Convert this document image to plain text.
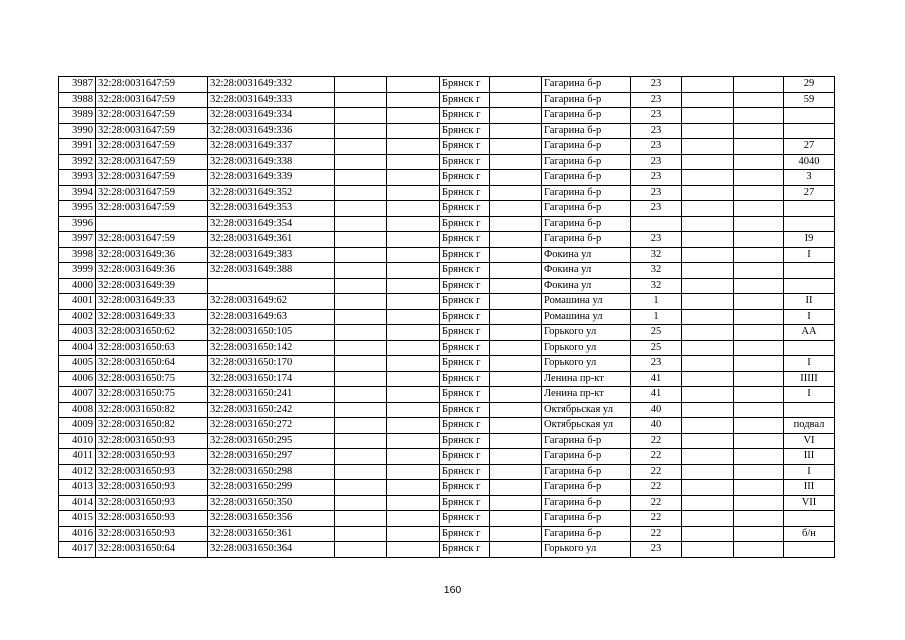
3987	32:28:0031647:59	32:28:0031649:332			Брянск г		Гагарина б-р	23			29
3988	32:28:0031647:59	32:28:0031649:333			Брянск г		Гагарина б-р	23			59
3989	32:28:0031647:59	32:28:0031649:334			Брянск г		Гагарина б-р	23			
3990	32:28:0031647:59	32:28:0031649:336			Брянск г		Гагарина б-р	23			
3991	32:28:0031647:59	32:28:0031649:337			Брянск г		Гагарина б-р	23			27
3992	32:28:0031647:59	32:28:0031649:338			Брянск г		Гагарина б-р	23			4040
3993	32:28:0031647:59	32:28:0031649:339			Брянск г		Гагарина б-р	23			3
3994	32:28:0031647:59	32:28:0031649:352			Брянск г		Гагарина б-р	23			27
3995	32:28:0031647:59	32:28:0031649:353			Брянск г		Гагарина б-р	23			
3996		32:28:0031649:354			Брянск г		Гагарина б-р				
3997	32:28:0031647:59	32:28:0031649:361			Брянск г		Гагарина б-р	23			I9
3998	32:28:0031649:36	32:28:0031649:383			Брянск г		Фокина ул	32			I
3999	32:28:0031649:36	32:28:0031649:388			Брянск г		Фокина ул	32			
4000	32:28:0031649:39				Брянск г		Фокина ул	32			
4001	32:28:0031649:33	32:28:0031649:62			Брянск г		Ромашина ул	1			II
4002	32:28:0031649:33	32:28:0031649:63			Брянск г		Ромашина ул	1			I
4003	32:28:0031650:62	32:28:0031650:105			Брянск г		Горького ул	25			АА
4004	32:28:0031650:63	32:28:0031650:142			Брянск г		Горького ул	25			
4005	32:28:0031650:64	32:28:0031650:170			Брянск г		Горького ул	23			I
4006	32:28:0031650:75	32:28:0031650:174			Брянск г		Ленина пр-кт	41			IIIII
4007	32:28:0031650:75	32:28:0031650:241			Брянск г		Ленина пр-кт	41			I
4008	32:28:0031650:82	32:28:0031650:242			Брянск г		Октябрьская ул	40			
4009	32:28:0031650:82	32:28:0031650:272			Брянск г		Октябрьская ул	40			подвал
4010	32:28:0031650:93	32:28:0031650:295			Брянск г		Гагарина б-р	22			VI
4011	32:28:0031650:93	32:28:0031650:297			Брянск г		Гагарина б-р	22			III
4012	32:28:0031650:93	32:28:0031650:298			Брянск г		Гагарина б-р	22			I
4013	32:28:0031650:93	32:28:0031650:299			Брянск г		Гагарина б-р	22			III
4014	32:28:0031650:93	32:28:0031650:350			Брянск г		Гагарина б-р	22			VII
4015	32:28:0031650:93	32:28:0031650:356			Брянск г		Гагарина б-р	22			
4016	32:28:0031650:93	32:28:0031650:361			Брянск г		Гагарина б-р	22			б/н
4017	32:28:0031650:64	32:28:0031650:364			Брянск г		Горького ул	23			
160
